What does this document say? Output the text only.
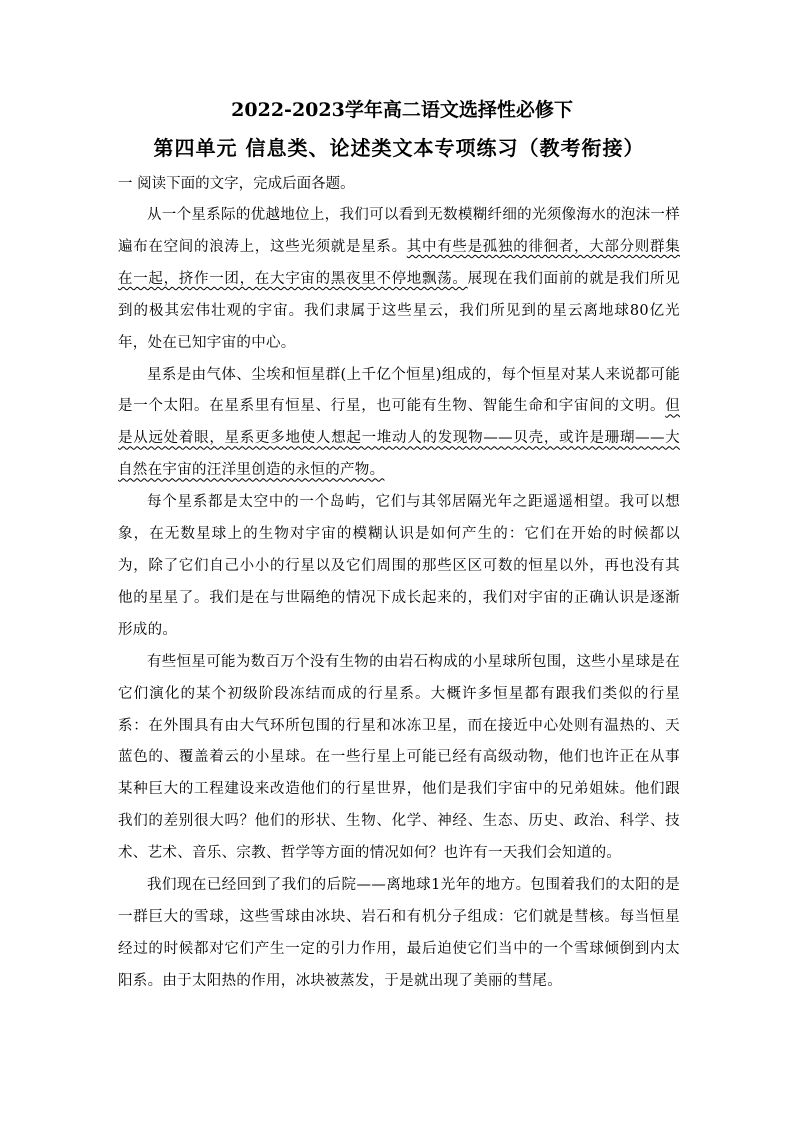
2022-2023学年高二语文选择性必修下

第四单元 信息类、论述类文本专项练习（教考衔接）

一 阅读下面的文字，完成后面各题。

从一个星系际的优越地位上，我们可以看到无数模糊纤细的光须像海水的泡沫一样遍布在空间的浪涛上，这些光须就是星系。其中有些是孤独的徘徊者，大部分则群集在一起，挤作一团，在大宇宙的黑夜里不停地飘荡。展现在我们面前的就是我们所见到的极其宏伟壮观的宇宙。我们隶属于这些星云，我们所见到的星云离地球80亿光年，处在已知宇宙的中心。

星系是由气体、尘埃和恒星群(上千亿个恒星)组成的，每个恒星对某人来说都可能是一个太阳。在星系里有恒星、行星，也可能有生物、智能生命和宇宙间的文明。但是从远处着眼，星系更多地使人想起一堆动人的发现物——贝壳，或许是珊瑚——大自然在宇宙的汪洋里创造的永恒的产物。

每个星系都是太空中的一个岛屿，它们与其邻居隔光年之距遥遥相望。我可以想象，在无数星球上的生物对宇宙的模糊认识是如何产生的：它们在开始的时候都以为，除了它们自己小小的行星以及它们周围的那些区区可数的恒星以外，再也没有其他的星星了。我们是在与世隔绝的情况下成长起来的，我们对宇宙的正确认识是逐渐形成的。

有些恒星可能为数百万个没有生物的由岩石构成的小星球所包围，这些小星球是在它们演化的某个初级阶段冻结而成的行星系。大概许多恒星都有跟我们类似的行星系：在外围具有由大气环所包围的行星和冰冻卫星，而在接近中心处则有温热的、天蓝色的、覆盖着云的小星球。在一些行星上可能已经有高级动物，他们也许正在从事某种巨大的工程建设来改造他们的行星世界，他们是我们宇宙中的兄弟姐妹。他们跟我们的差别很大吗？他们的形状、生物、化学、神经、生态、历史、政治、科学、技术、艺术、音乐、宗教、哲学等方面的情况如何？也许有一天我们会知道的。

我们现在已经回到了我们的后院——离地球1光年的地方。包围着我们的太阳的是一群巨大的雪球，这些雪球由冰块、岩石和有机分子组成：它们就是彗核。每当恒星经过的时候都对它们产生一定的引力作用，最后迫使它们当中的一个雪球倾倒到内太阳系。由于太阳热的作用，冰块被蒸发，于是就出现了美丽的彗尾。
